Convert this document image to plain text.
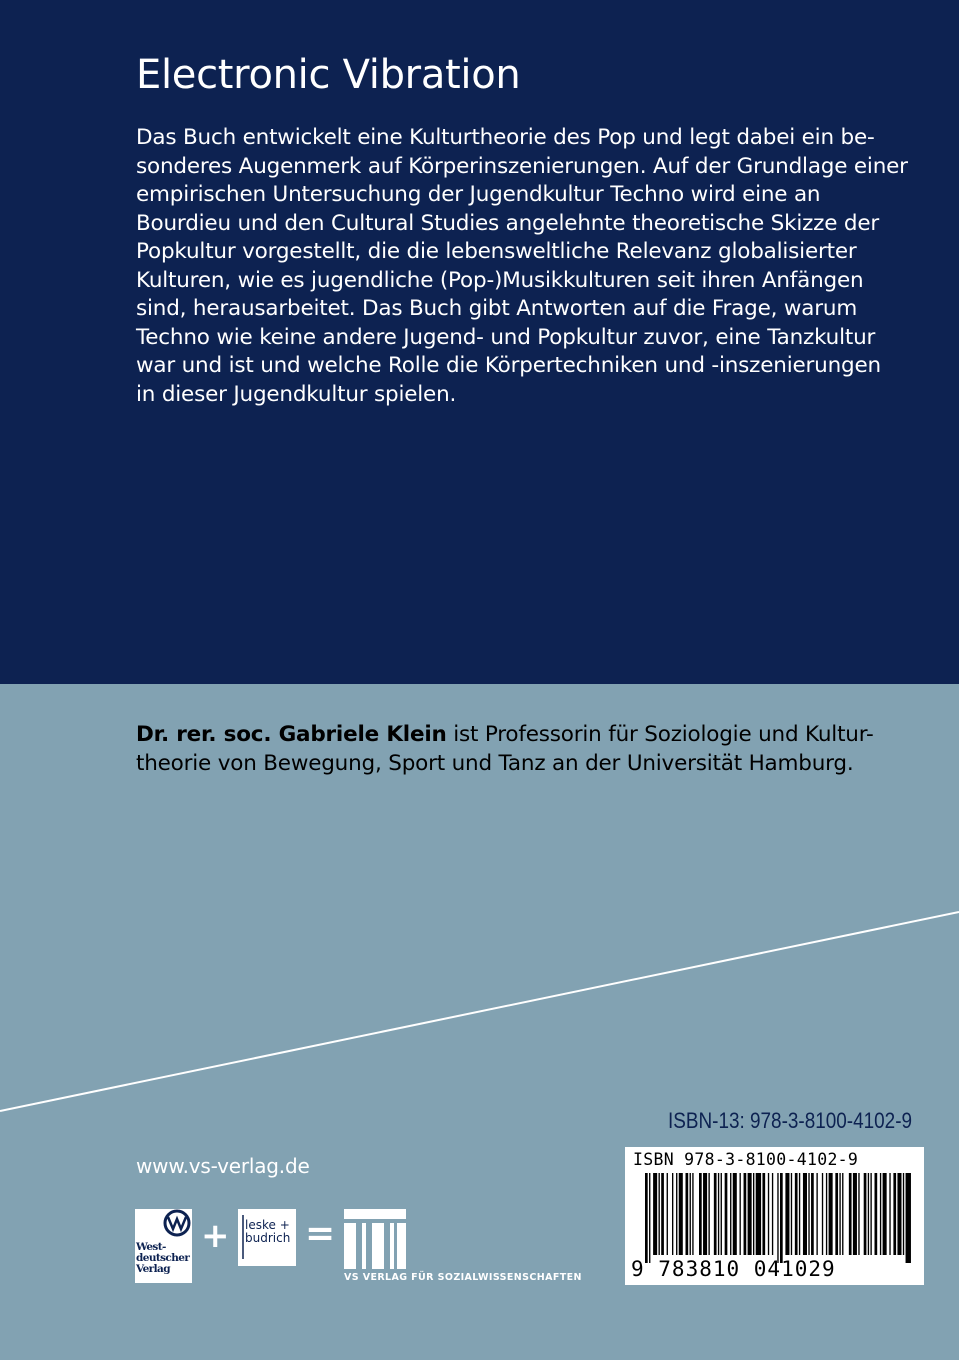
Electronic Vibration
Das Buch entwickelt eine Kulturtheorie des Pop und legt dabei ein be-
sonderes Augenmerk auf Körperinszenierungen. Auf der Grundlage einer
empirischen Untersuchung der Jugendkultur Techno wird eine an
Bourdieu und den Cultural Studies angelehnte theoretische Skizze der
Popkultur vorgestellt, die die lebensweltliche Relevanz globalisierter
Kulturen, wie es jugendliche (Pop-)Musikkulturen seit ihren Anfängen
sind, herausarbeitet. Das Buch gibt Antworten auf die Frage, warum
Techno wie keine andere Jugend- und Popkultur zuvor, eine Tanzkultur
war und ist und welche Rolle die Körpertechniken und -inszenierungen
in dieser Jugendkultur spielen.
Dr. rer. soc. Gabriele Klein ist Professorin für Soziologie und Kultur-
theorie von Bewegung, Sport und Tanz an der Universität Hamburg.
ISBN-13: 978-3-8100-4102-9
www.vs-verlag.de	ISBN 978-3-8100-4102-9
9 783810 041029
West-
deutscher
Verlag
+ leske +
budrich =
VS VERLAG FÜR SOZIALWISSENSCHAFTEN
